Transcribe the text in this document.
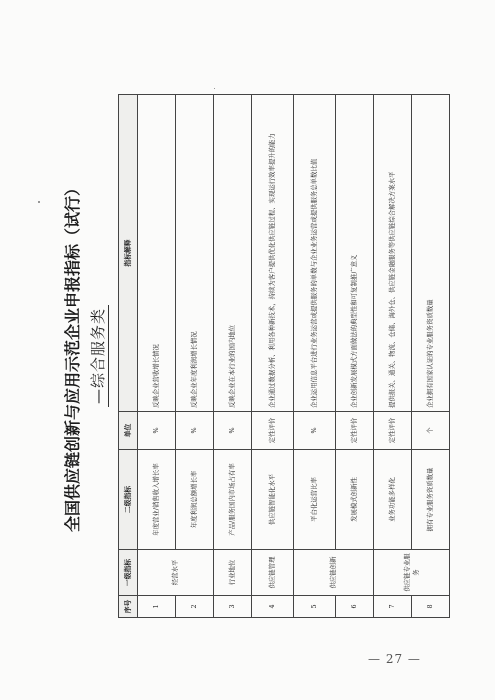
全国供应链创新与应用示范企业申报指标（试行） —综合服务类
序号	一级指标	二级指标	单位	指标解释
1	经营水平	年度营业/销售收入增长率	%	反映企业营收增长情况
2		年度利润总额增长率	%	反映企业年度利润增长情况
3	行业地位	产品/服务国内市场占有率	%	反映企业在本行业的国内地位
4	供应链管理	供应链智能化水平	定性评价	企业通过数据分析、利用各种新技术，持续为客户提供优化供应链过程、实现运行效率提升的能力
5	供应链创新	平台化运营比率	%	企业运用信息平台进行业务运营或提供服务的单数与企业业务运营或提供服务总单数比值
6		发展模式创新性	定性评价	企业创新发展模式方面做法的典型性和可复制推广意义
7	供应链专业服务	业务功能多样化	定性评价	提供报关、通关、物流、仓储、海外仓、供应链金融服务等供应链综合解决方案水平
8		拥有专业服务资质数量	个	企业拥有国家认证的专业服务资质数量
— 27 —
